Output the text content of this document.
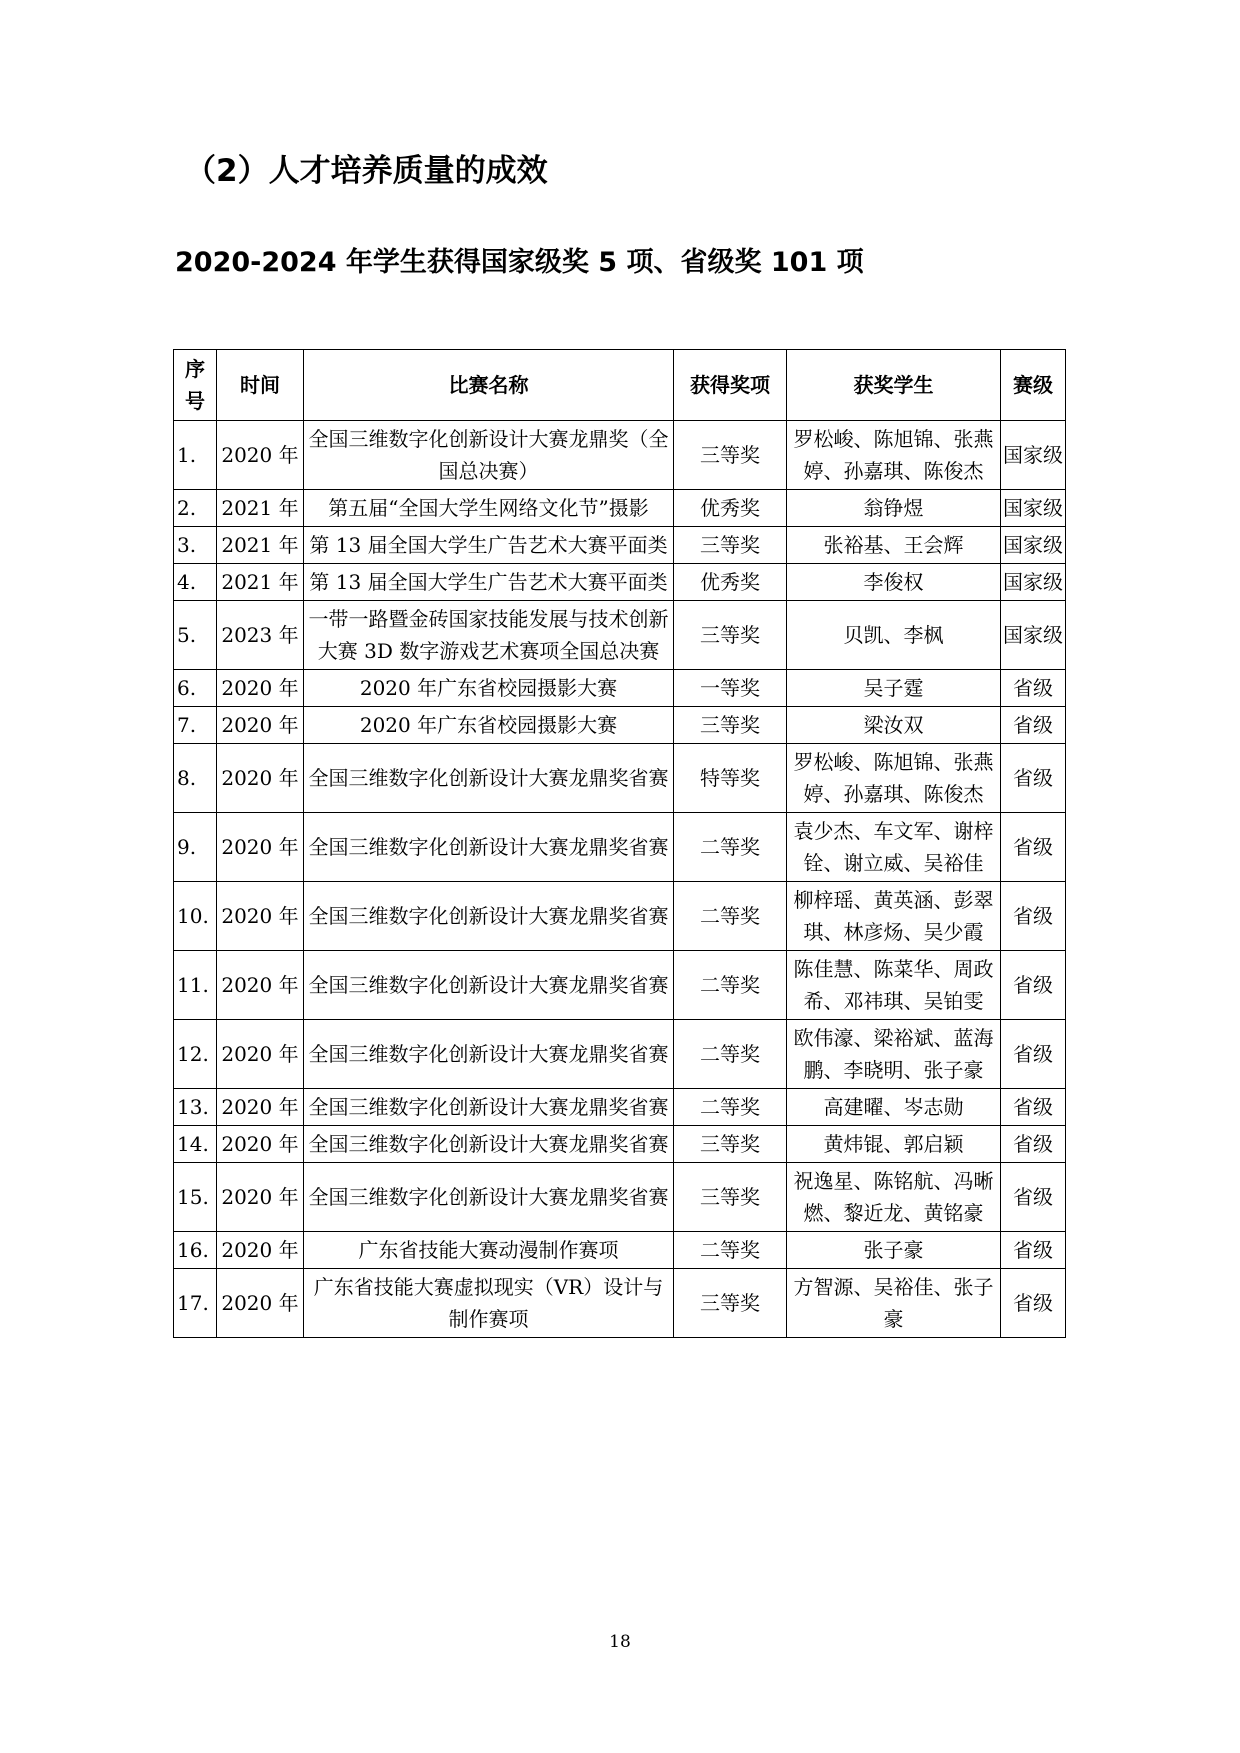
（2）人才培养质量的成效
2020-2024 年学生获得国家级奖 5 项、省级奖 101 项
序号	时间	比赛名称	获得奖项	获奖学生	赛级
1.	2020 年	全国三维数字化创新设计大赛龙鼎奖（全国总决赛）	三等奖	罗松峻、陈旭锦、张燕婷、孙嘉琪、陈俊杰	国家级
2.	2021 年	第五届“全国大学生网络文化节”摄影	优秀奖	翁铮煜	国家级
3.	2021 年	第 13 届全国大学生广告艺术大赛平面类	三等奖	张裕基、王会辉	国家级
4.	2021 年	第 13 届全国大学生广告艺术大赛平面类	优秀奖	李俊权	国家级
5.	2023 年	一带一路暨金砖国家技能发展与技术创新大赛 3D 数字游戏艺术赛项全国总决赛	三等奖	贝凯、李枫	国家级
6.	2020 年	2020 年广东省校园摄影大赛	一等奖	吴子霆	省级
7.	2020 年	2020 年广东省校园摄影大赛	三等奖	梁汝双	省级
8.	2020 年	全国三维数字化创新设计大赛龙鼎奖省赛	特等奖	罗松峻、陈旭锦、张燕婷、孙嘉琪、陈俊杰	省级
9.	2020 年	全国三维数字化创新设计大赛龙鼎奖省赛	二等奖	袁少杰、车文军、谢梓铨、谢立威、吴裕佳	省级
10.	2020 年	全国三维数字化创新设计大赛龙鼎奖省赛	二等奖	柳梓瑶、黄英涵、彭翠琪、林彦炀、吴少霞	省级
11.	2020 年	全国三维数字化创新设计大赛龙鼎奖省赛	二等奖	陈佳慧、陈菜华、周政希、邓祎琪、吴铂雯	省级
12.	2020 年	全国三维数字化创新设计大赛龙鼎奖省赛	二等奖	欧伟濠、梁裕斌、蓝海鹏、李晓明、张子豪	省级
13.	2020 年	全国三维数字化创新设计大赛龙鼎奖省赛	二等奖	高建曜、岑志勋	省级
14.	2020 年	全国三维数字化创新设计大赛龙鼎奖省赛	三等奖	黄炜锟、郭启颖	省级
15.	2020 年	全国三维数字化创新设计大赛龙鼎奖省赛	三等奖	祝逸星、陈铭航、冯晰燃、黎近龙、黄铭豪	省级
16.	2020 年	广东省技能大赛动漫制作赛项	二等奖	张子豪	省级
17.	2020 年	广东省技能大赛虚拟现实（VR）设计与制作赛项	三等奖	方智源、吴裕佳、张子豪	省级
18
